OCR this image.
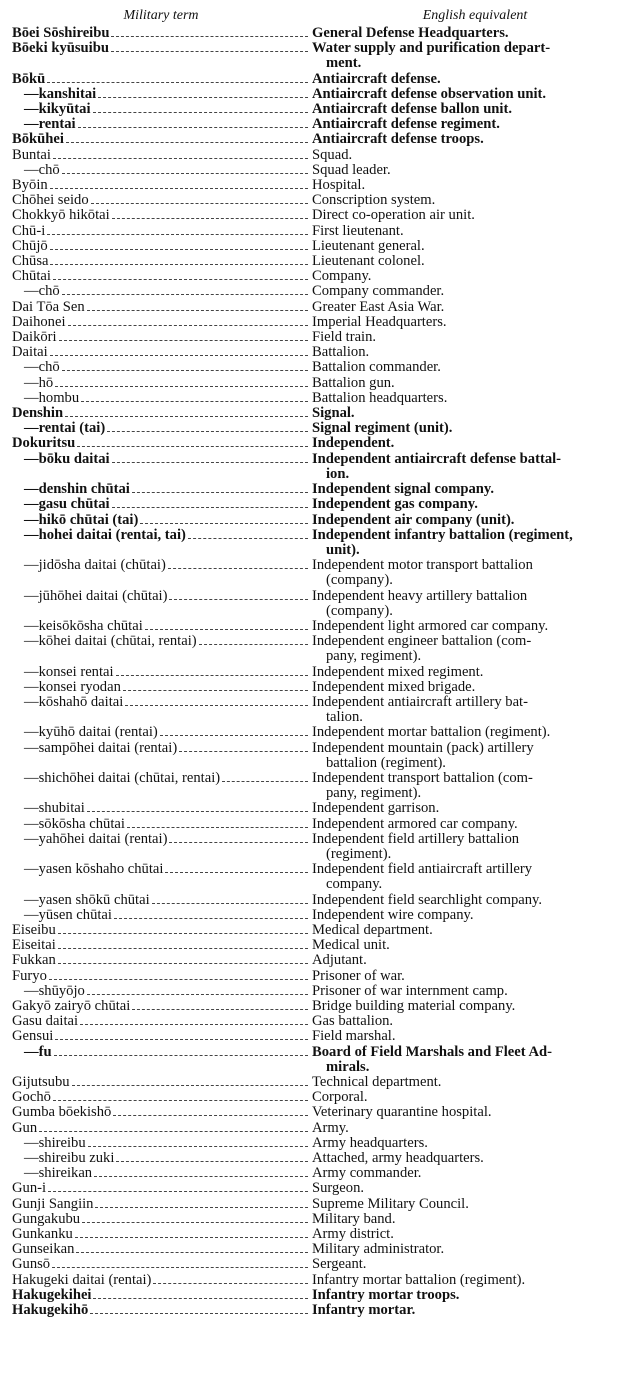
Military term	English equivalent
Bōei Sōshireibu	General Defense Headquarters.
Bōeki kyūsuibu	Water supply and purification depart-
ment.
Bōkū	Antiaircraft defense.
—kanshitai	Antiaircraft defense observation unit.
—kikyūtai	Antiaircraft defense ballon unit.
—rentai	Antiaircraft defense regiment.
Bōkūhei	Antiaircraft defense troops.
Buntai	Squad.
—chō	Squad leader.
Byōin	Hospital.
Chōhei seido	Conscription system.
Chokkyō hikōtai	Direct co-operation air unit.
Chū-i	First lieutenant.
Chūjō	Lieutenant general.
Chūsa	Lieutenant colonel.
Chūtai	Company.
—chō	Company commander.
Dai Tōa Sen	Greater East Asia War.
Daihonei	Imperial Headquarters.
Daikōri	Field train.
Daitai	Battalion.
—chō	Battalion commander.
—hō	Battalion gun.
—hombu	Battalion headquarters.
Denshin	Signal.
—rentai (tai)	Signal regiment (unit).
Dokuritsu	Independent.
—bōku daitai	Independent antiaircraft defense battal-
ion.
—denshin chūtai	Independent signal company.
—gasu chūtai	Independent gas company.
—hikō chūtai (tai)	Independent air company (unit).
—hohei daitai (rentai, tai)	Independent infantry battalion (regiment,
unit).
—jidōsha daitai (chūtai)	Independent motor transport battalion
(company).
—jūhōhei daitai (chūtai)	Independent heavy artillery battalion
(company).
—keisōkōsha chūtai	Independent light armored car company.
—kōhei daitai (chūtai, rentai)	Independent engineer battalion (com-
pany, regiment).
—konsei rentai	Independent mixed regiment.
—konsei ryodan	Independent mixed brigade.
—kōshahō daitai	Independent antiaircraft artillery bat-
talion.
—kyūhō daitai (rentai)	Independent mortar battalion (regiment).
—sampōhei daitai (rentai)	Independent mountain (pack) artillery
battalion (regiment).
—shichōhei daitai (chūtai, rentai)	Independent transport battalion (com-
pany, regiment).
—shubitai	Independent garrison.
—sōkōsha chūtai	Independent armored car company.
—yahōhei daitai (rentai)	Independent field artillery battalion
(regiment).
—yasen kōshaho chūtai	Independent field antiaircraft artillery
company.
—yasen shōkū chūtai	Independent field searchlight company.
—yūsen chūtai	Independent wire company.
Eiseibu	Medical department.
Eiseitai	Medical unit.
Fukkan	Adjutant.
Furyo	Prisoner of war.
—shūyōjo	Prisoner of war internment camp.
Gakyō zairyō chūtai	Bridge building material company.
Gasu daitai	Gas battalion.
Gensui	Field marshal.
—fu	Board of Field Marshals and Fleet Ad-
mirals.
Gijutsubu	Technical department.
Gochō	Corporal.
Gumba bōekishō	Veterinary quarantine hospital.
Gun	Army.
—shireibu	Army headquarters.
—shireibu zuki	Attached, army headquarters.
—shireikan	Army commander.
Gun-i	Surgeon.
Gunji Sangiin	Supreme Military Council.
Gungakubu	Military band.
Gunkanku	Army district.
Gunseikan	Military administrator.
Gunsō	Sergeant.
Hakugeki daitai (rentai)	Infantry mortar battalion (regiment).
Hakugekihei	Infantry mortar troops.
Hakugekihō	Infantry mortar.
